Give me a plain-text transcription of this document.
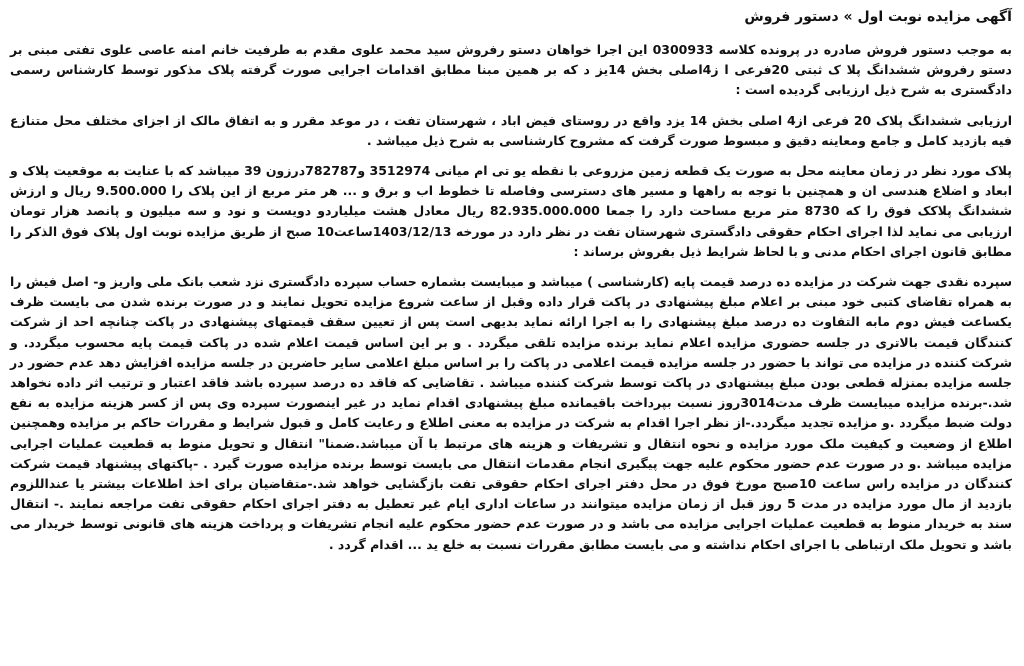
آگهی مزایده نوبت اول » دستور فروش

به موجب دستور فروش صادره در پرونده کلاسه 0300933 این اجرا خواهان دستو رفروش سید محمد علوی مقدم به طرفیت خانم امنه عاصی علوی تفتی مبنی بر دستو رفروش ششدانگ پلا ک ثبتی 20فرعی ا ز4اصلی بخش 14یز د که بر همین مبنا مطابق اقدامات اجرایی صورت گرفته پلاک مذکور توسط کارشناس رسمی دادگستری به شرح ذیل ارزیابی گردیده است :

ارزیابی ششدانگ پلاک 20 فرعی از4 اصلی بخش 14 یزد واقع در روستای فیض اباد ، شهرستان تفت ، در موعد مقرر و به اتفاق مالک از اجزای مختلف محل متنازع فیه بازدید کامل و جامع ومعاینه دقیق و مبسوط صورت گرفت که مشروح کارشناسی به شرح ذیل میباشد .

پلاک مورد نظر در زمان معاینه محل به صورت یک قطعه زمین مزروعی با نقطه یو تی ام میانی 3512974 و782787درزون 39 میباشد که با عنایت به موقعیت پلاک و ابعاد و اضلاع هندسی ان و همچنین با توجه به راهها و مسیر های دسترسی وفاصله تا خطوط اب و برق و ... هر متر مربع از این پلاک را 9.500.000 ریال و ارزش ششدانگ پلاکک فوق را که 8730 متر مربع مساحت دارد را جمعا 82.935.000.000 ریال معادل هشت میلیاردو دویست و نود و سه میلیون و پانصد هزار تومان ارزیابی می نماید لذا اجرای احکام حقوقی دادگستری شهرستان تفت در نظر دارد در مورخه 1403/12/13ساعت10 صبح از طریق مزایده نوبت اول پلاک فوق الذکر را مطابق قانون اجرای احکام مدنی و با لحاظ شرایط ذیل بفروش برساند :

سپرده نقدی جهت شرکت در مزایده ده درصد قیمت پایه (کارشناسی ) میباشد و میبایست بشماره حساب سپرده دادگستری نزد شعب بانک ملی واریز و- اصل فیش را به همراه تقاضای کتبی خود مبنی بر اعلام مبلغ پیشنهادی در پاکت قرار داده وقبل از ساعت شروع مزایده تحویل نمایند و در صورت برنده شدن می بایست ظرف یکساعت فیش دوم مابه التفاوت ده درصد مبلغ پیشنهادی را به اجرا ارائه نماید بدیهی است پس از تعیین سقف قیمتهای پیشنهادی در پاکت چنانچه احد از شرکت کنندگان قیمت بالاتری در جلسه حضوری مزایده اعلام نماید برنده مزایده تلقی میگردد . و بر این اساس قیمت اعلام شده در پاکت قیمت پایه محسوب میگردد. و شرکت کننده در مزایده می تواند با حضور در جلسه مزایده قیمت اعلامی در پاکت را بر اساس مبلغ اعلامی سایر حاضرین در جلسه مزایده افزایش دهد عدم حضور در جلسه مزایده بمنزله قطعی بودن مبلغ پیشنهادی در پاکت توسط شرکت کننده میباشد . تقاضایی که فاقد ده درصد سپرده باشد فاقد اعتبار و ترتیب اثر داده نخواهد شد.-برنده مزایده میبایست ظرف مدت3014روز نسبت بپرداخت باقیمانده مبلغ پیشنهادی اقدام نماید در غیر اینصورت سپرده وی پس از کسر هزینه مزایده به نفع دولت ضبط میگردد .و مزایده تجدید میگردد.-از نظر اجرا اقدام به شرکت در مزایده به معنی اطلاع و رعایت کامل و قبول شرایط و مقررات حاکم بر مزایده وهمچنین اطلاع از وضعیت و کیفیت ملک مورد مزایده و نحوه انتقال و تشریفات و هزینه های مرتبط با آن میباشد.ضمنا" انتقال و تحویل منوط به قطعیت عملیات اجرایی مزایده میباشد .و در صورت عدم حضور محکوم علیه جهت پیگیری انجام مقدمات انتقال می بایست توسط برنده مزایده صورت گیرد . -پاکتهای پیشنهاد قیمت شرکت کنندگان در مزایده راس ساعت 10صبح مورخ فوق در محل دفتر اجرای احکام حقوقی تفت بازگشایی خواهد شد.-متقاضیان برای اخذ اطلاعات بیشتر یا عنداللزوم بازدید از مال مورد مزایده در مدت 5 روز قبل از زمان مزایده میتوانند در ساعات اداری ایام غیر تعطیل به دفتر اجرای احکام حقوقی تفت مراجعه نمایند .- انتقال سند به خریدار منوط به قطعیت عملیات اجرایی مزایده می باشد و در صورت عدم حضور محکوم علیه انجام تشریفات و پرداخت هزینه های قانونی توسط خریدار می باشد و تحویل ملک ارتباطی با اجرای احکام نداشته و می بایست مطابق مقررات نسبت به خلع ید ... اقدام گردد .
